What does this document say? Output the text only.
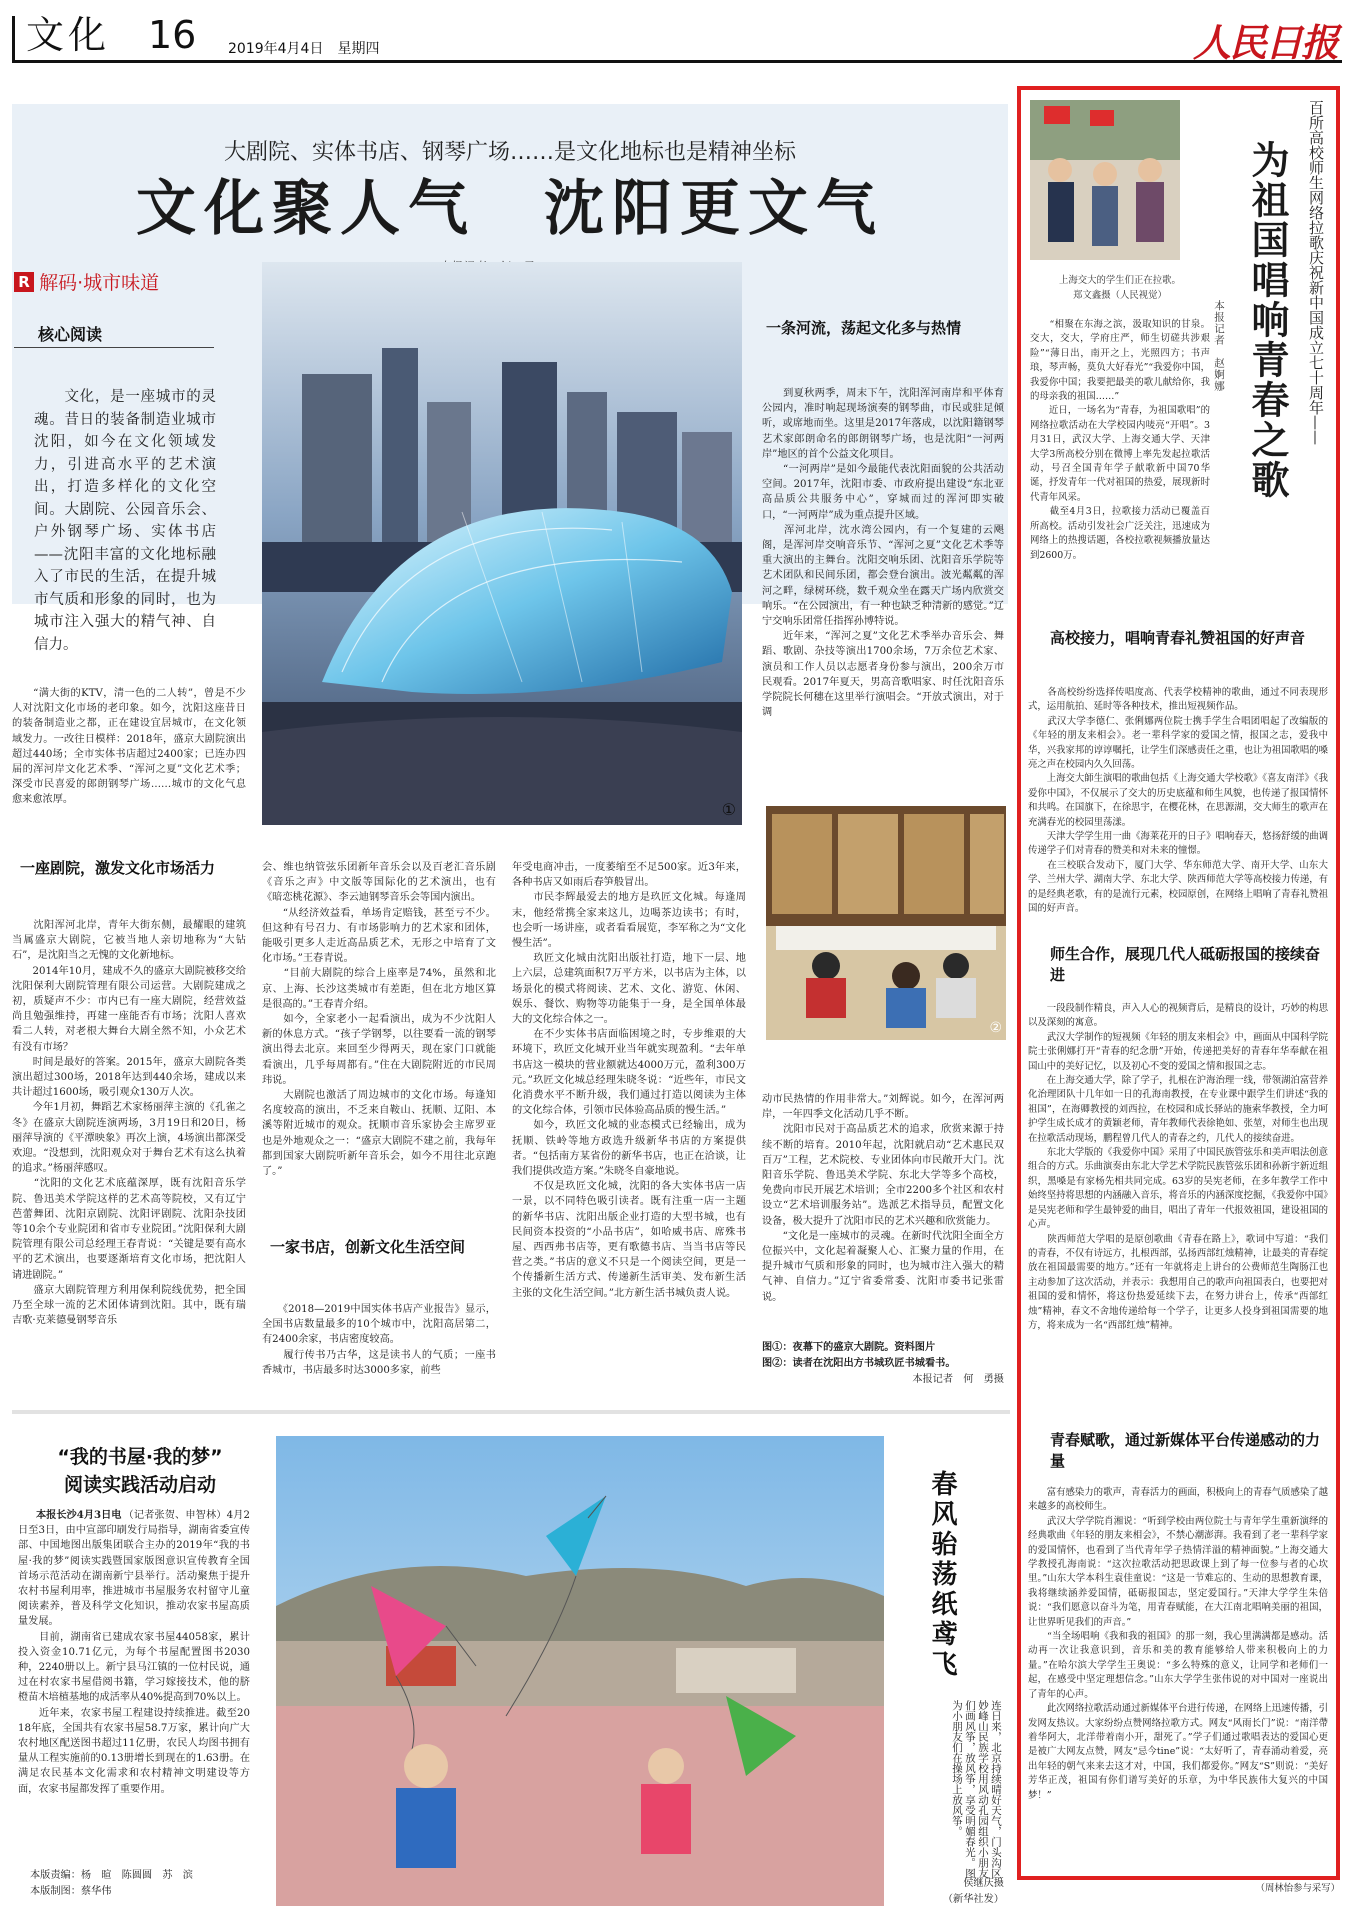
文化 16 2019年4月4日　星期四	人民日报
大剧院、实体书店、钢琴广场……是文化地标也是精神坐标
文化聚人气　沈阳更文气
R 解码·城市味道
核心阅读
　　文化，是一座城市的灵魂。昔日的装备制造业城市沈阳，如今在文化领域发力，引进高水平的艺术演出，打造多样化的文化空间。大剧院、公园音乐会、户外钢琴广场、实体书店——沈阳丰富的文化地标融入了市民的生活，在提升城市气质和形象的同时，也为城市注入强大的精气神、自信力。
①
②
　　“满大街的KTV，清一色的二人转”，曾是不少人对沈阳文化市场的老印象。如今，沈阳这座昔日的装备制造业之都，正在建设宜居城市，在文化领域发力。一改往日模样：2018年，盛京大剧院演出超过440场；全市实体书店超过2400家；已连办四届的浑河岸文化艺术季、“浑河之夏”文化艺术季；深受市民喜爱的郎朗钢琴广场……城市的文化气息愈来愈浓厚。
一座剧院，激发文化市场活力
　　沈阳浑河北岸，青年大街东侧，最耀眼的建筑当属盛京大剧院，它被当地人亲切地称为“大钻石”，是沈阳当之无愧的文化新地标。
　　2014年10月，建成不久的盛京大剧院被移交给沈阳保利大剧院管理有限公司运营。大剧院建成之初，质疑声不少：市内已有一座大剧院，经营效益尚且勉强维持，再建一座能否有市场；沈阳人喜欢看二人转，对老根大舞台大剧全然不知，小众艺术有没有市场？
　　时间是最好的答案。2015年，盛京大剧院各类演出超过300场，2018年达到440余场，建成以来共计超过1600场，吸引观众130万人次。
　　今年1月初，舞蹈艺术家杨丽萍主演的《孔雀之冬》在盛京大剧院连演两场，3月19日和20日，杨丽萍导演的《平潭映象》再次上演，4场演出都深受欢迎。“没想到，沈阳观众对于舞台艺术有这么执着的追求。”杨丽萍感叹。
　　“沈阳的文化艺术底蕴深厚，既有沈阳音乐学院、鲁迅美术学院这样的艺术高等院校，又有辽宁芭蕾舞团、沈阳京剧院、沈阳评剧院、沈阳杂技团等10余个专业院团和省市专业院团。”沈阳保利大剧院管理有限公司总经理王春青说：“关键是要有高水平的艺术演出，也要逐渐培育文化市场，把沈阳人请进剧院。”
　　盛京大剧院管理方利用保利院线优势，把全国乃至全球一流的艺术团体请到沈阳。其中，既有瑞吉歌·克莱德曼钢琴音乐
会、维也纳管弦乐团新年音乐会以及百老汇音乐剧《音乐之声》中文版等国际化的艺术演出，也有《暗恋桃花源》、李云迪钢琴音乐会等国内演出。
　　“从经济效益看，单场肯定赔钱，甚至亏不少。但这种有号召力、有市场影响力的艺术家和团体，能吸引更多人走近高品质艺术，无形之中培育了文化市场。”王春青说。
　　“目前大剧院的综合上座率是74%，虽然和北京、上海、长沙这类城市有差距，但在北方地区算是很高的。”王春青介绍。
　　如今，全家老小一起看演出，成为不少沈阳人新的休息方式。“孩子学钢琴，以往要看一流的钢琴演出得去北京。来回至少得两天，现在家门口就能看演出，几乎每周都有。”住在大剧院附近的市民周玮说。
　　大剧院也激活了周边城市的文化市场。每逢知名度较高的演出，不乏来自鞍山、抚顺、辽阳、本溪等附近城市的观众。抚顺市音乐家协会主席罗亚也是外地观众之一：“盛京大剧院不建之前，我每年都到国家大剧院听新年音乐会，如今不用往北京跑了。”
一家书店，创新文化生活空间
　　《2018—2019中国实体书店产业报告》显示，全国书店数量最多的10个城市中，沈阳高居第二，有2400余家，书店密度较高。
　　履行传书乃古华，这是读书人的气质；一座书香城市，书店最多时达3000多家，前些
年受电商冲击，一度萎缩至不足500家。近3年来，各种书店又如雨后春笋般冒出。
　　市民李辉最爱去的地方是玖匠文化城。每逢周末，他经常携全家来这儿，边喝茶边读书；有时，也会听一场讲座，或者看看展览，李军称之为“文化慢生活”。
　　玖匠文化城由沈阳出版社打造，地下一层、地上六层，总建筑面积7万平方米，以书店为主体，以场景化的模式将阅读、艺术、文化、游览、休闲、娱乐、餐饮、购物等功能集于一身，是全国单体最大的文化综合体之一。
　　在不少实体书店面临困境之时，专步维艰的大环境下，玖匠文化城开业当年就实现盈利。“去年单书店这一模块的营业额就达4000万元，盈利300万元。”玖匠文化城总经理朱晓冬说：“近些年，市民文化消费水平不断升级，我们通过打造以阅读为主体的文化综合体，引领市民体验高品质的慢生活。”
　　如今，玖匠文化城的业态模式已经输出，成为抚顺、铁岭等地方政选升级新华书店的方案提供者。“包括南方某省份的新华书店，也正在洽谈，让我们提供改造方案。”朱晓冬自豪地说。
　　不仅是玖匠文化城，沈阳的各大实体书店一店一景，以不同特色吸引读者。既有注重一店一主题的新华书店、沈阳出版企业打造的大型书城，也有民间资本投资的“小品书店”，如哈威书店、席殊书屋、西西弗书店等，更有歌德书店、当当书店等民营之类。”书店的意义不只是一个阅读空间，更是一个传播新生活方式、传递新生活审美、发布新生活主张的文化生活空间。”北方新生活书城负责人说。
一条河流，荡起文化多与热情
　　到夏秋两季，周末下午，沈阳浑河南岸和平体育公园内，准时响起现场演奏的钢琴曲，市民或驻足倾听，或席地而坐。这里是2017年落成，以沈阳籍钢琴艺术家郎朗命名的郎朗钢琴广场，也是沈阳“一河两岸”地区的首个公益文化项目。
　　“一河两岸”是如今最能代表沈阳面貌的公共活动空间。2017年，沈阳市委、市政府提出建设“东北亚高品质公共服务中心”，穿城而过的浑河即实破口，“一河两岸”成为重点提升区域。
　　浑河北岸，沈水湾公园内，有一个复建的云飓阁，是浑河岸交响音乐节、“浑河之夏”文化艺术季等重大演出的主舞台。沈阳交响乐团、沈阳音乐学院等艺术团队和民间乐团，都会登台演出。波光粼粼的浑河之畔，绿树环绕，数千观众坐在露天广场内欣赏交响乐。“在公园演出，有一种也缺乏种清新的感觉。”辽宁交响乐团常任指挥孙博特说。
　　近年来，“浑河之夏”文化艺术季举办音乐会、舞蹈、歌剧、杂技等演出1700余场，7万余位艺术家、演员和工作人员以志愿者身份参与演出，200余万市民观看。2017年夏天，男高音歌唱家、时任沈阳音乐学院院长何穗在这里举行演唱会。“开放式演出，对于调
动市民热情的作用非常大。”刘辉说。如今，在浑河两岸，一年四季文化活动几乎不断。
　　沈阳市民对于高品质艺术的追求，欣赏来源于持续不断的培育。2010年起，沈阳就启动“艺术惠民双百万”工程，艺术院校、专业团体向市民敞开大门。沈阳音乐学院、鲁迅美术学院、东北大学等多个高校，免费向市民开展艺术培训；全市2200多个社区和农村设立“艺术培训服务站”。选派艺术指导员，配置文化设备，极大提升了沈阳市民的艺术兴趣和欣赏能力。
　　“文化是一座城市的灵魂。在新时代沈阳全面全方位振兴中，文化起着凝聚人心、汇聚力量的作用，在提升城市气质和形象的同时，也为城市注入强大的精气神、自信力。”辽宁省委常委、沈阳市委书记张雷说。
图①：夜幕下的盛京大剧院。资料图片
图②：读者在沈阳出方书城玖匠书城看书。
本报记者　何　勇摄
“我的书屋·我的梦”
阅读实践活动启动
本报长沙4月3日电 　　（记者张贺、申智林）4月2日至3日，由中宣部印刷发行局指导，湖南省委宣传部、中国地图出版集团联合主办的2019年“我的书屋·我的梦”阅读实践暨国家版图意识宣传教育全国首场示范活动在湖南新宁县举行。活动聚焦于提升农村书屋利用率，推进城市书屋服务农村留守儿童阅读素养，普及科学文化知识，推动农家书屋高质量发展。
　　目前，湖南省已建成农家书屋44058家，累计投入资金10.71亿元，为每个书屋配置图书2030种，2240册以上。新宁县马江镇的一位村民说，通过在村农家书屋借阅书籍，学习嫁接技术，他的脐橙苗木培植基地的成活率从40%提高到70%以上。
　　近年来，农家书屋工程建设持续推进。截至2018年底，全国共有农家书屋58.7万家，累计向广大农村地区配送图书超过11亿册，农民人均图书拥有量从工程实施前的0.13册增长到现在的1.63册。在满足农民基本文化需求和农村精神文明建设等方面，农家书屋都发挥了重要作用。
本版责编：杨　暄　陈圆圆　苏　滨
本版制图：蔡华伟
春风骀荡纸鸢飞
连日来，北京持续晴好天气，门头沟区妙峰山民族学校用风动孔园组织小朋友们画风筝，放风筝，享受明媚春光。图为小朋友们在操场上放风筝。
侯继庆摄
（新华社发）
上海交大的学生们正在拉歌。
郑文鑫摄（人民视觉）	百所高校师生网络拉歌庆祝新中国成立七十周年——
为祖国唱响青春之歌
本报记者　赵婀娜
　　“相聚在东海之滨，汲取知识的甘泉。交大，交大，学府庄严，师生切磋共涉艰险”“薄日出，南开之上，光照四方；书声琅，琴声畅，莫负大好春光”“我爱你中国，我爱你中国；我要把最美的歌儿献给你，我的母亲我的祖国……”
　　近日，一场名为“青春，为祖国歌唱”的网络拉歌活动在大学校园内唛亮“开唱”。3月31日，武汉大学、上海交通大学、天津大学3所高校分别在微博上率先发起拉歌活动，号召全国青年学子献歌新中国70华诞，抒发青年一代对祖国的热爱，展现新时代青年风采。
　　截至4月3日，拉歌接力活动已覆盖百所高校。活动引发社会广泛关注，迅速成为网络上的热搜话题，各校拉歌视频播放量达到2600万。
高校接力，唱响青春礼赞祖国的好声音
　　各高校纷纷选择传唱度高、代表学校精神的歌曲，通过不同表现形式，运用航拍、延时等各种技术，推出短视频作品。
　　武汉大学李德仁、张俐娜两位院士携手学生合唱团唱起了改编版的《年轻的朋友来相会》。老一辈科学家的爱国之情，报国之志，爱我中华，兴我家邦的谆谆嘱托，让学生们深感责任之重，也让为祖国歌唱的嗓亮之声在校园内久久回荡。
　　上海交大師生演唱的歌曲包括《上海交通大学校歌》《喜友南洋》《我爱你中国》，不仅展示了交大的历史底蕴和师生风貌，也传递了报国情怀和共鸣。在国旗下，在徐思宇，在樱花林，在思源湖，交大师生的歌声在充满春光的校园里荡漾。
　　天津大学学生用一曲《海莱花开的日子》唱响春天，悠扬舒缓的曲调传递学子们对青春的赞美和对未来的憧憬。
　　在三校联合发动下，厦门大学、华东师范大学、南开大学、山东大学、兰州大学、湖南大学、东北大学、陕西师范大学等高校接力传递，有的是经典老歌，有的是流行元素，校园原创，在网络上唱响了青春礼赞祖国的好声音。
师生合作，展现几代人砥砺报国的接续奋进
　　一段段制作精良，声入人心的视频背后，是精良的设计，巧妙的构思以及深刻的寓意。
　　武汉大学制作的短视频《年轻的朋友来相会》中，画面从中国科学院院士张俐娜打开“青春的纪念册”开始，传递把美好的青春年华奉献在祖国山中的美好记忆，以及初心不变的爱国之情和报国之志。
　　在上海交通大学，除了学子，扎根在沪海治理一线，带领湖泊富营养化治理团队十几年如一日的孔海南教授，在专业课中跟学生们讲述“我的祖国”，在海卿教授的刘西拉，在校园和成长驿站的施索华教授，全力呵护学生成长成才的黄颖老师，青年教师代表徐艳如、张堃，对师生也出现在拉歌活动现场，鹏程曾几代人的青春之约，几代人的接续奋进。
　　东北大学版的《我爱你中国》采用了中国民族管弦乐和美声唱法创意组合的方式。乐曲演奏由东北大学艺术学院民族管弦乐团和孙新宇新近组织，黑嗓是有家杨先相共同完成。63岁的吴宪老师，在多年教学工作中始终坚持将思想的内涵融入音乐，将音乐的内涵深度挖掘，《我爱你中国》是吴宪老师和学生最钟爱的曲目，唱出了青年一代报效祖国，建设祖国的心声。
　　陕西师范大学唱的是原创歌曲《青春在路上》，歌词中写道：“我们的青春，不仅有诗远方，扎根西部，弘扬西部红烛精神，让最美的青春绽放在祖国最需要的地方。”还有一年就将走上讲台的公费师范生陶肠江也主动参加了这次活动，并表示：我想用自己的歌声向祖国表白，也要把对祖国的爱和情怀，将这份热爱延续下去，在努力讲台上，传承“西部红烛”精神，春文不舍地传递给每一个学子，让更多人投身到祖国需要的地方，将来成为一名“西部红烛”精神。
青春赋歌，通过新媒体平台传递感动的力量
　　富有感染力的歌声，青春活力的画面，积极向上的青春气质感染了越来越多的高校师生。
　　武汉大学学院肖湘说：“听到学校由两位院士与青年学生重新演绎的经典歌曲《年轻的朋友来相会》，不禁心潮澎湃。我看到了老一辈科学家的爱国情怀，也看到了当代青年学子热情洋溢的精神面貌。”上海交通大学教授孔海南说：“这次拉歌活动把思政课上到了每一位参与者的心坎里。”山东大学本科生袁佳童说：“这是一节难忘的、生动的思想教育课，我将继续涵养爱国情，砥砺报国志，坚定爱国行。”天津大学学生朱倍说：“我们愿意以奋斗为笔，用青春赋能，在大江南北唱响美丽的祖国，让世界听见我们的声音。”
　　“当全场唱响《我和我的祖国》的那一刻，我心里满满都是感动。活动再一次让我意识到，音乐和美的教育能够给人带来积极向上的力量。”在哈尔滨大学学生王奥说：“多么特殊的意义，让同学和老师们一起，在感受中坚定理想信念。”山东大学学生张伟说的对中国对一座说出了青年的心声。
　　此次网络拉歌活动通过新媒体平台进行传递，在网络上迅速传播，引发网友热议。大家纷纷点赞网络拉歌方式。网友“风雨长门”说：“南洋帶着华阿大，北洋带着南小开，甜死了。”学子们通过歌唱表达的爱国心更是被广大网友点赞，网友“忌今tine”说：“太好听了，青春涌动着爱，亮出年轻的朝气来来去这才对，中国，我们都爱你。”网友“S”则说：“美好芳华正茂，祖国有你们谱写美好的乐章，为中华民族伟大复兴的中国梦！”
（周林怡参与采写）
